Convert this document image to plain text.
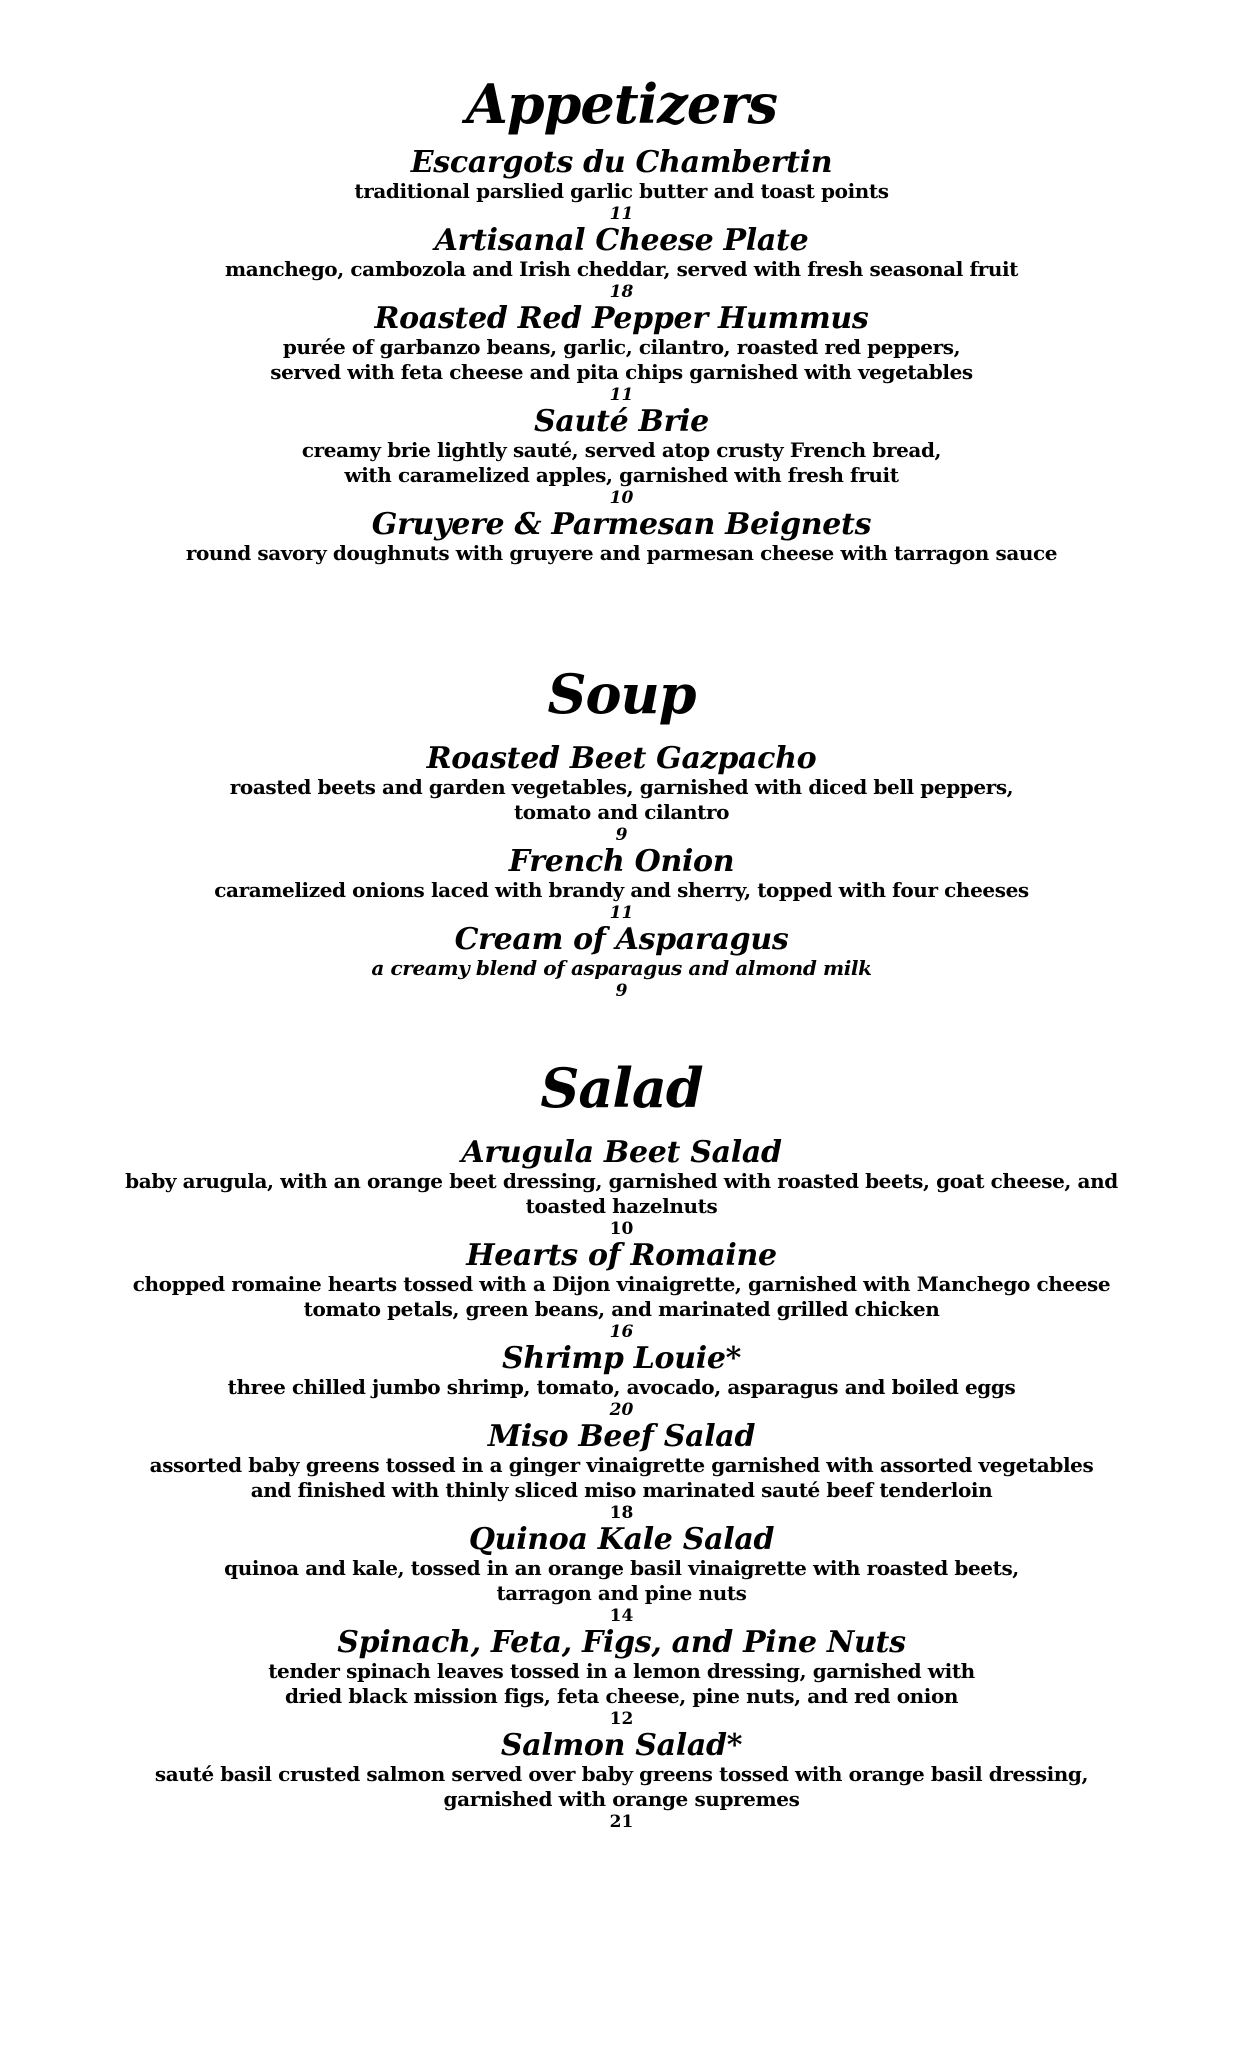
Appetizers
Escargots du Chambertin
traditional parslied garlic butter and toast points
11
Artisanal Cheese Plate
manchego, cambozola and Irish cheddar, served with fresh seasonal fruit
18
Roasted Red Pepper Hummus
purée of garbanzo beans, garlic, cilantro, roasted red peppers,
served with feta cheese and pita chips garnished with vegetables
11
Sauté Brie
creamy brie lightly sauté, served atop crusty French bread,
with caramelized apples, garnished with fresh fruit
10
Gruyere & Parmesan Beignets
round savory doughnuts with gruyere and parmesan cheese with tarragon sauce
Soup
Roasted Beet Gazpacho
roasted beets and garden vegetables, garnished with diced bell peppers,
tomato and cilantro
9
French Onion
caramelized onions laced with brandy and sherry, topped with four cheeses
11
Cream of Asparagus
a creamy blend of asparagus and almond milk
9
Salad
Arugula Beet Salad
baby arugula, with an orange beet dressing, garnished with roasted beets, goat cheese, and
toasted hazelnuts
10
Hearts of Romaine
chopped romaine hearts tossed with a Dijon vinaigrette, garnished with Manchego cheese
tomato petals, green beans, and marinated grilled chicken
16
Shrimp Louie*
three chilled jumbo shrimp, tomato, avocado, asparagus and boiled eggs
20
Miso Beef Salad
assorted baby greens tossed in a ginger vinaigrette garnished with assorted vegetables
and finished with thinly sliced miso marinated sauté beef tenderloin
18
Quinoa Kale Salad
quinoa and kale, tossed in an orange basil vinaigrette with roasted beets,
tarragon and pine nuts
14
Spinach, Feta, Figs, and Pine Nuts
tender spinach leaves tossed in a lemon dressing, garnished with
dried black mission figs, feta cheese, pine nuts, and red onion
12
Salmon Salad*
sauté basil crusted salmon served over baby greens tossed with orange basil dressing,
garnished with orange supremes
21
